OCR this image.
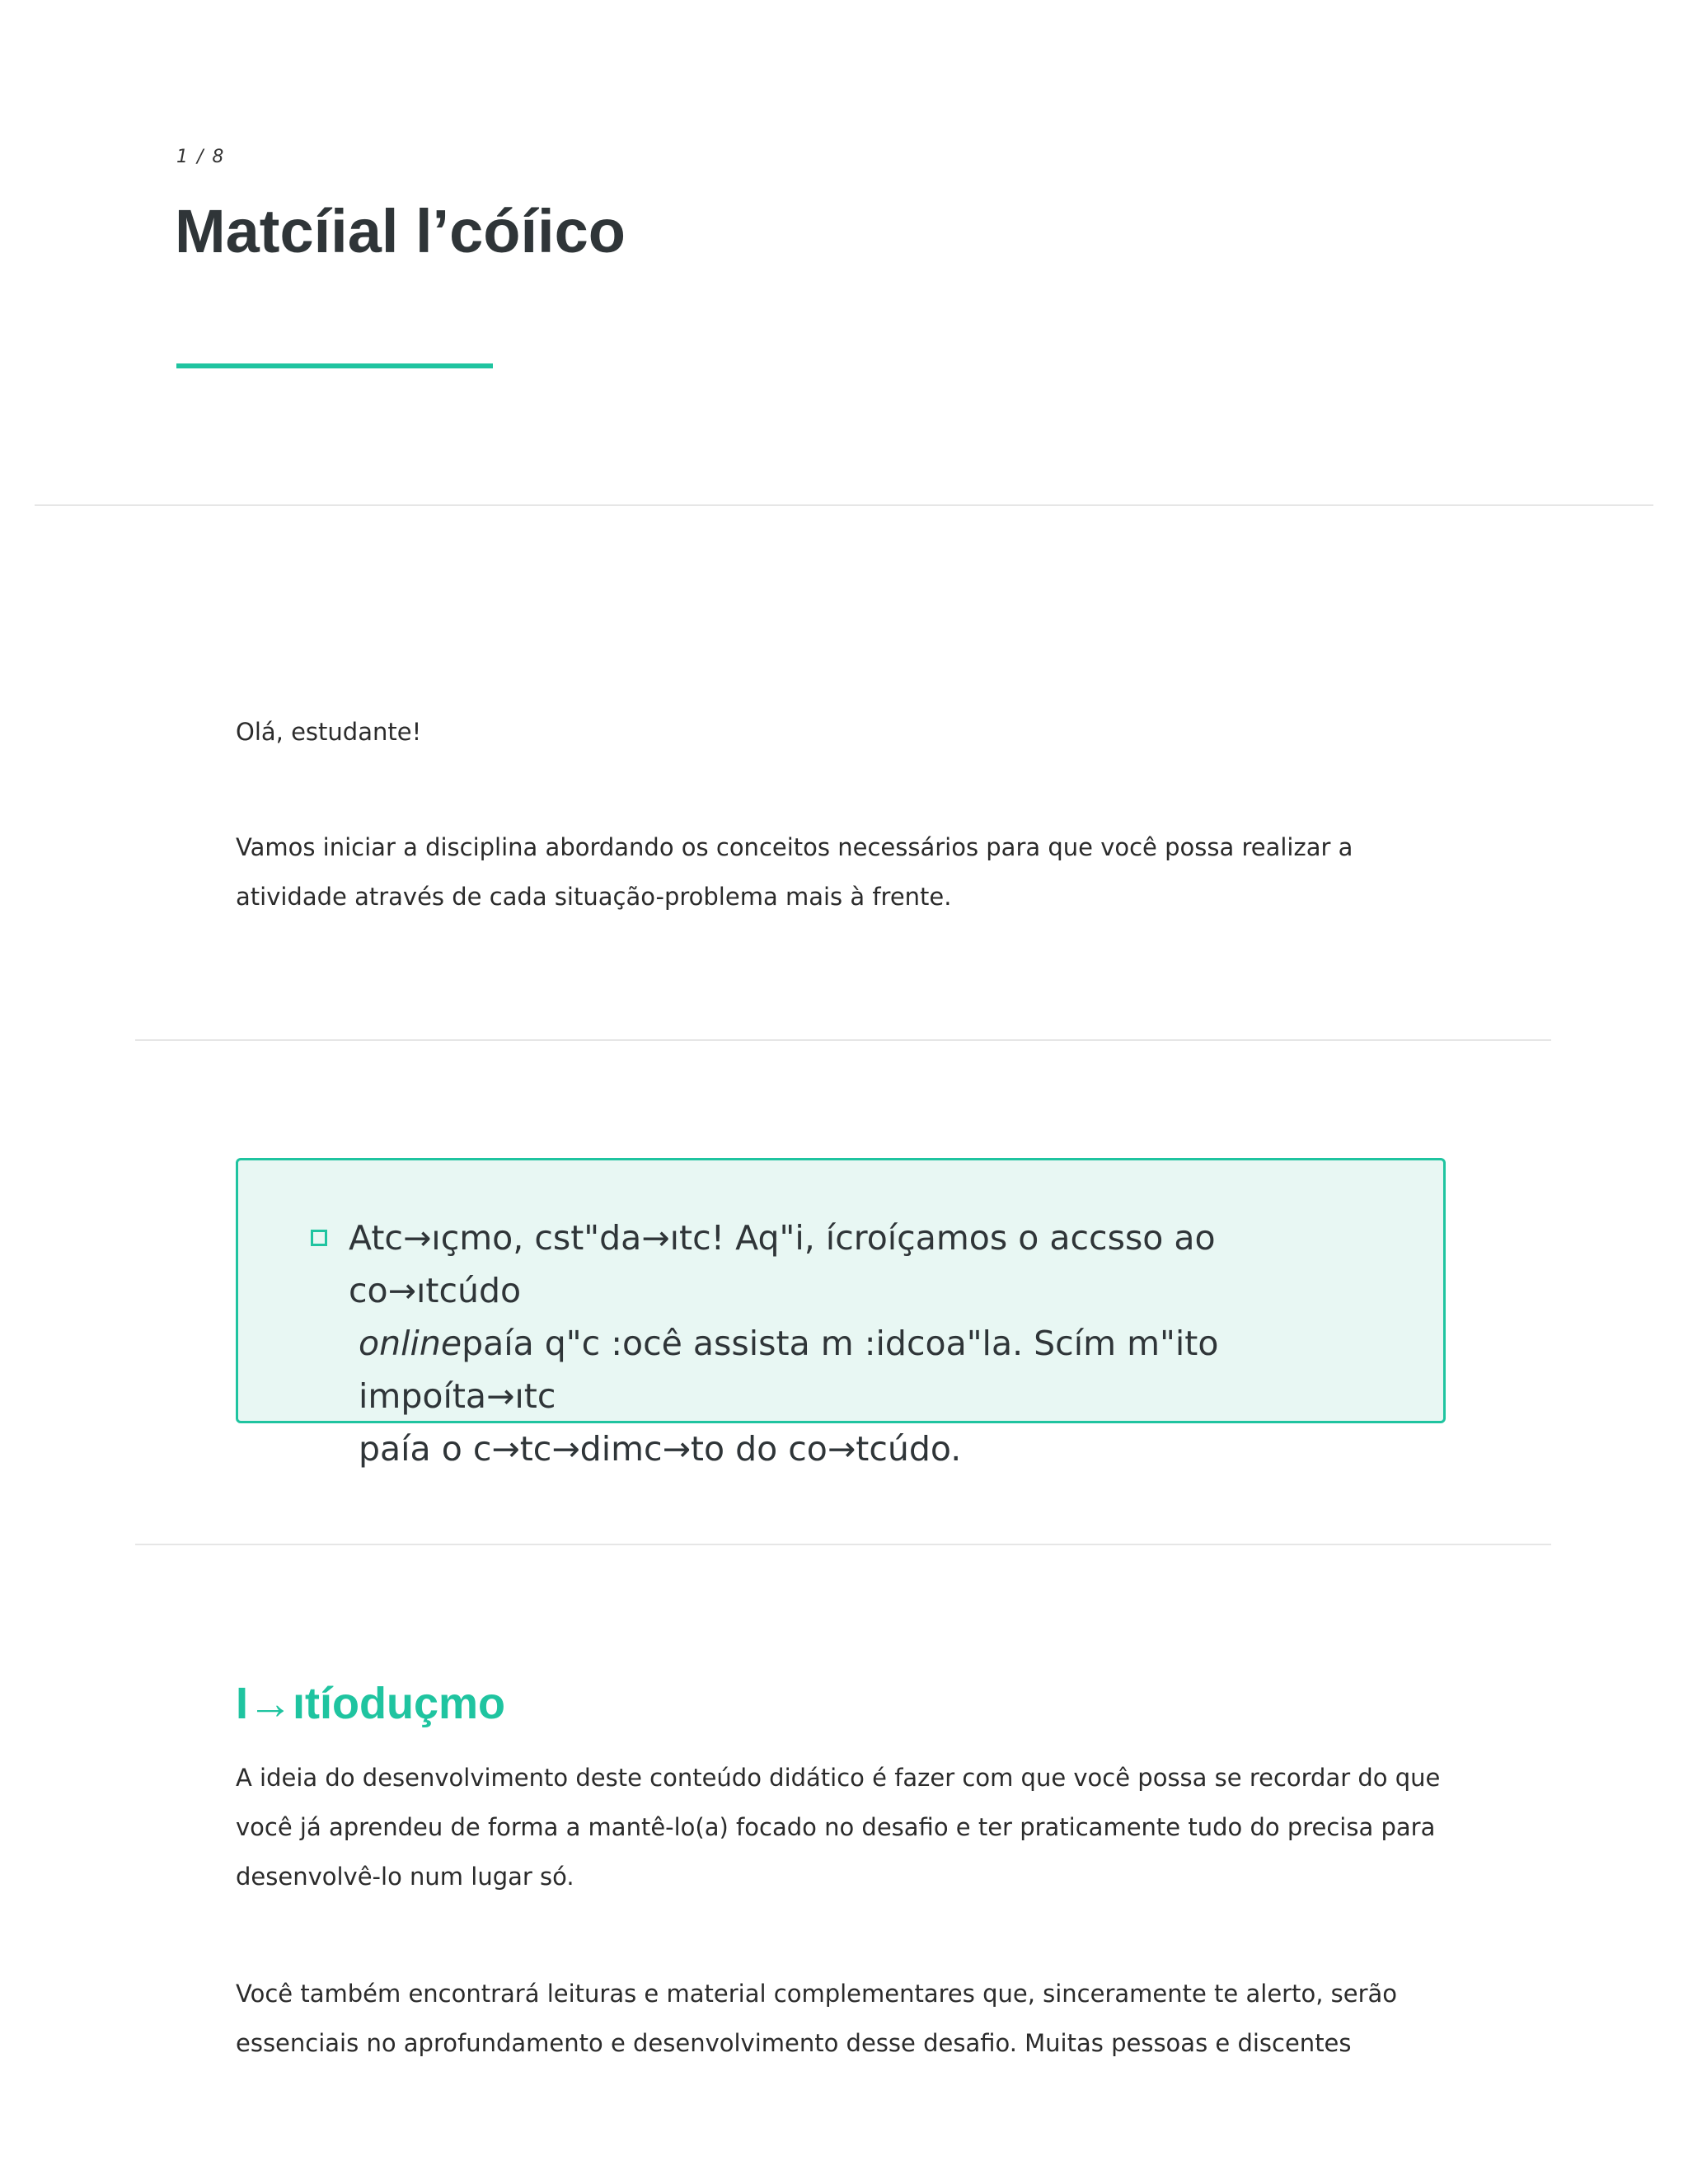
1 / 8
Matcíial l’cóíico

Olá, estudante!

Vamos iniciar a disciplina abordando os conceitos necessários para que você possa realizar a atividade através de cada situação-problema mais à frente.

Atc→ıçmo, cst"da→ıtc! Aq"i, ícroíçamos o accsso ao co→ıtcúdo
onlinepaía q"c :ocê assista m :idcoa"la. Scím m"ito impoíta→ıtc
paía o c→tc→dimc→to do co→tcúdo.

I→ıtíoduçmo

A ideia do desenvolvimento deste conteúdo didático é fazer com que você possa se recordar do que você já aprendeu de forma a mantê-lo(a) focado no desafio e ter praticamente tudo do precisa para desenvolvê-lo num lugar só.

Você também encontrará leituras e material complementares que, sinceramente te alerto, serão essenciais no aprofundamento e desenvolvimento desse desafio. Muitas pessoas e discentes
